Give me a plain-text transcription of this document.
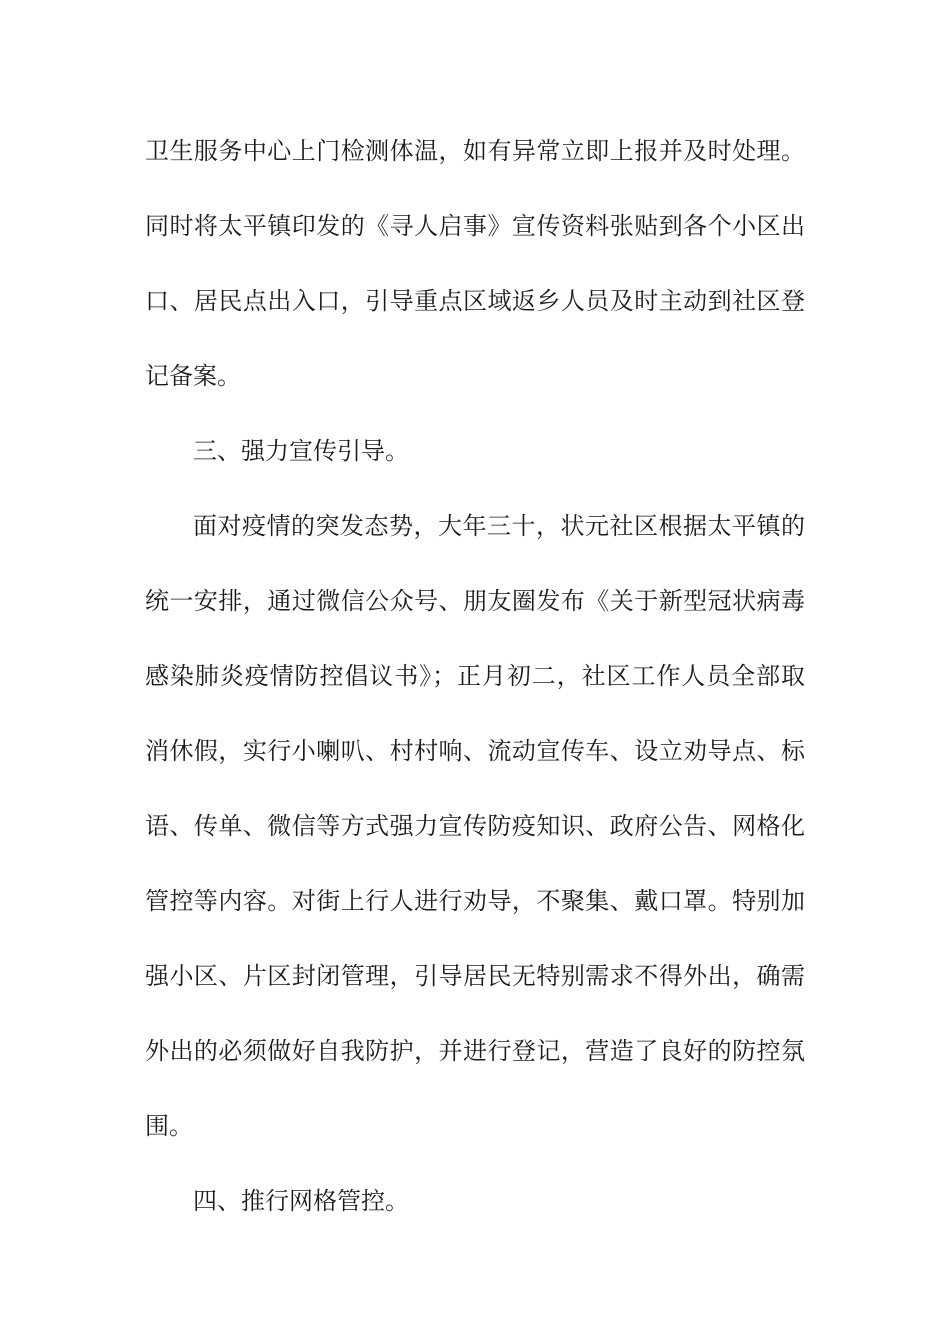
卫生服务中心上门检测体温，如有异常立即上报并及时处理。
同时将太平镇印发的《寻人启事》宣传资料张贴到各个小区出
口、居民点出入口，引导重点区域返乡人员及时主动到社区登
记备案。
三、强力宣传引导。
面对疫情的突发态势，大年三十，状元社区根据太平镇的
统一安排，通过微信公众号、朋友圈发布《关于新型冠状病毒
感染肺炎疫情防控倡议书》；正月初二，社区工作人员全部取
消休假，实行小喇叭、村村响、流动宣传车、设立劝导点、标
语、传单、微信等方式强力宣传防疫知识、政府公告、网格化
管控等内容。对街上行人进行劝导，不聚集、戴口罩。特别加
强小区、片区封闭管理，引导居民无特别需求不得外出，确需
外出的必须做好自我防护，并进行登记，营造了良好的防控氛
围。
四、推行网格管控。
